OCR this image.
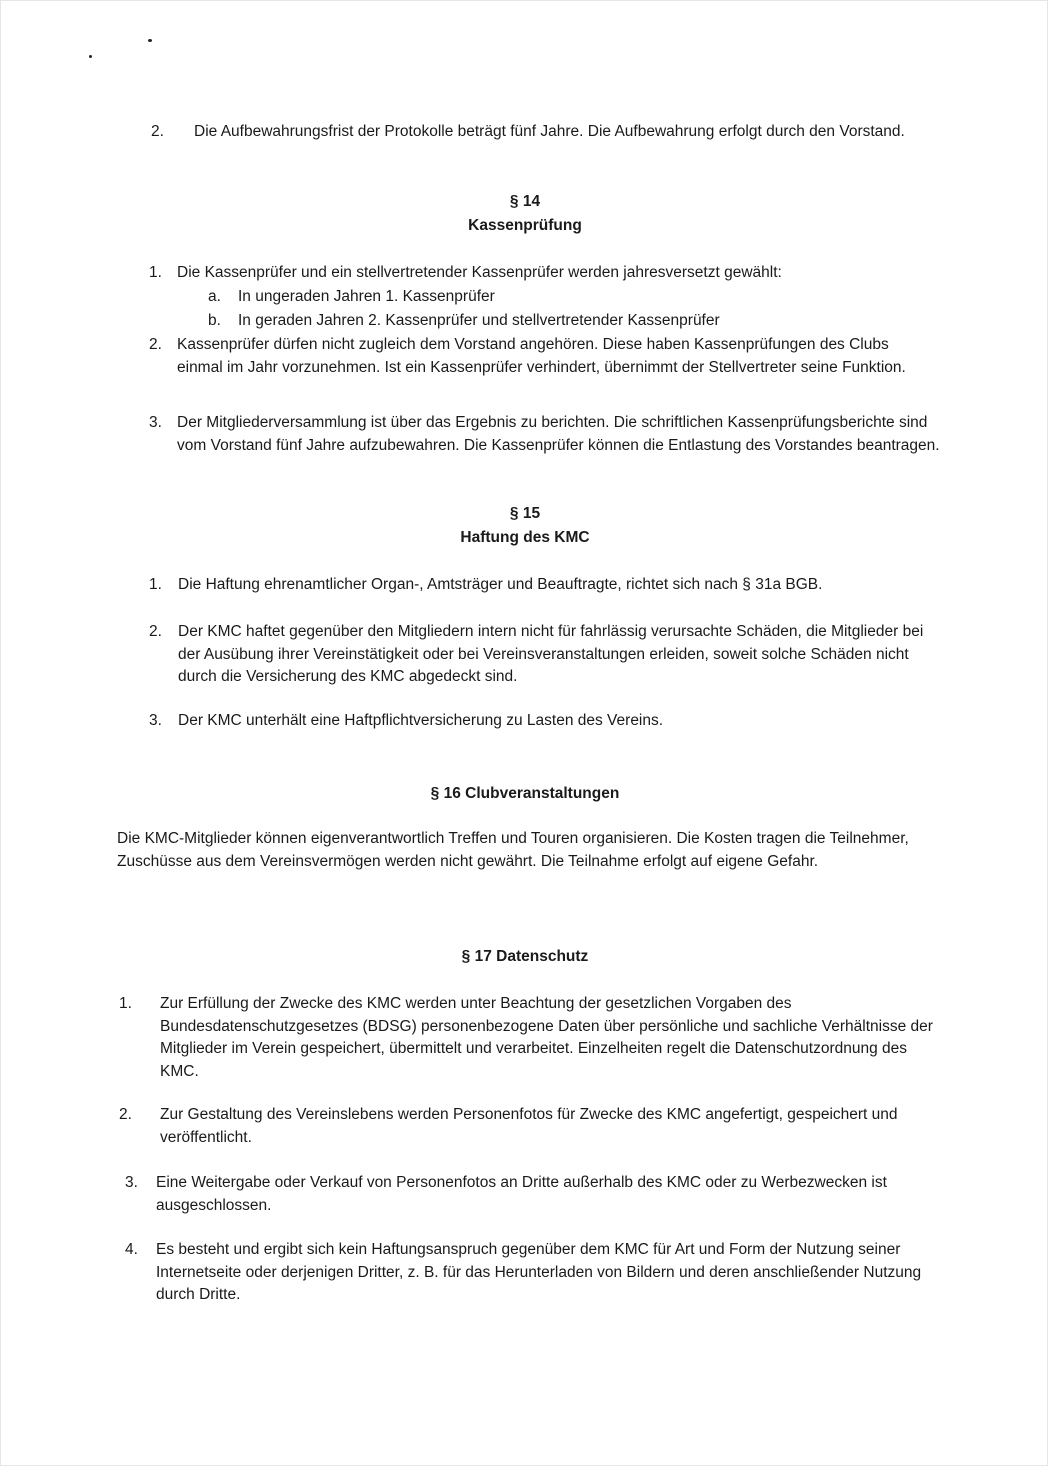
2. Die Aufbewahrungsfrist der Protokolle beträgt fünf Jahre. Die Aufbewahrung erfolgt durch den Vorstand.

§ 14
Kassenprüfung
1. Die Kassenprüfer und ein stellvertretender Kassenprüfer werden jahresversetzt gewählt:

a. In ungeraden Jahren 1. Kassenprüfer

b. In geraden Jahren 2. Kassenprüfer und stellvertretender Kassenprüfer

2. Kassenprüfer dürfen nicht zugleich dem Vorstand angehören. Diese haben Kassenprüfungen des Clubs einmal im Jahr vorzunehmen. Ist ein Kassenprüfer verhindert, übernimmt der Stellvertreter seine Funktion.

3. Der Mitgliederversammlung ist über das Ergebnis zu berichten. Die schriftlichen Kassenprüfungsberichte sind vom Vorstand fünf Jahre aufzubewahren. Die Kassenprüfer können die Entlastung des Vorstandes beantragen.

§ 15
Haftung des KMC
1. Die Haftung ehrenamtlicher Organ-, Amtsträger und Beauftragte, richtet sich nach § 31a BGB.

2. Der KMC haftet gegenüber den Mitgliedern intern nicht für fahrlässig verursachte Schäden, die Mitglieder bei der Ausübung ihrer Vereinstätigkeit oder bei Vereinsveranstaltungen erleiden, soweit solche Schäden nicht durch die Versicherung des KMC abgedeckt sind.

3. Der KMC unterhält eine Haftpflichtversicherung zu Lasten des Vereins.

§ 16 Clubveranstaltungen

Die KMC-Mitglieder können eigenverantwortlich Treffen und Touren organisieren. Die Kosten tragen die Teilnehmer, Zuschüsse aus dem Vereinsvermögen werden nicht gewährt. Die Teilnahme erfolgt auf eigene Gefahr.

§ 17 Datenschutz
1. Zur Erfüllung der Zwecke des KMC werden unter Beachtung der gesetzlichen Vorgaben des Bundesdatenschutzgesetzes (BDSG) personenbezogene Daten über persönliche und sachliche Verhältnisse der Mitglieder im Verein gespeichert, übermittelt und verarbeitet. Einzelheiten regelt die Datenschutzordnung des KMC.

2. Zur Gestaltung des Vereinslebens werden Personenfotos für Zwecke des KMC angefertigt, gespeichert und veröffentlicht.

3. Eine Weitergabe oder Verkauf von Personenfotos an Dritte außerhalb des KMC oder zu Werbezwecken ist ausgeschlossen.

4. Es besteht und ergibt sich kein Haftungsanspruch gegenüber dem KMC für Art und Form der Nutzung seiner Internetseite oder derjenigen Dritter, z. B. für das Herunterladen von Bildern und deren anschließender Nutzung durch Dritte.
